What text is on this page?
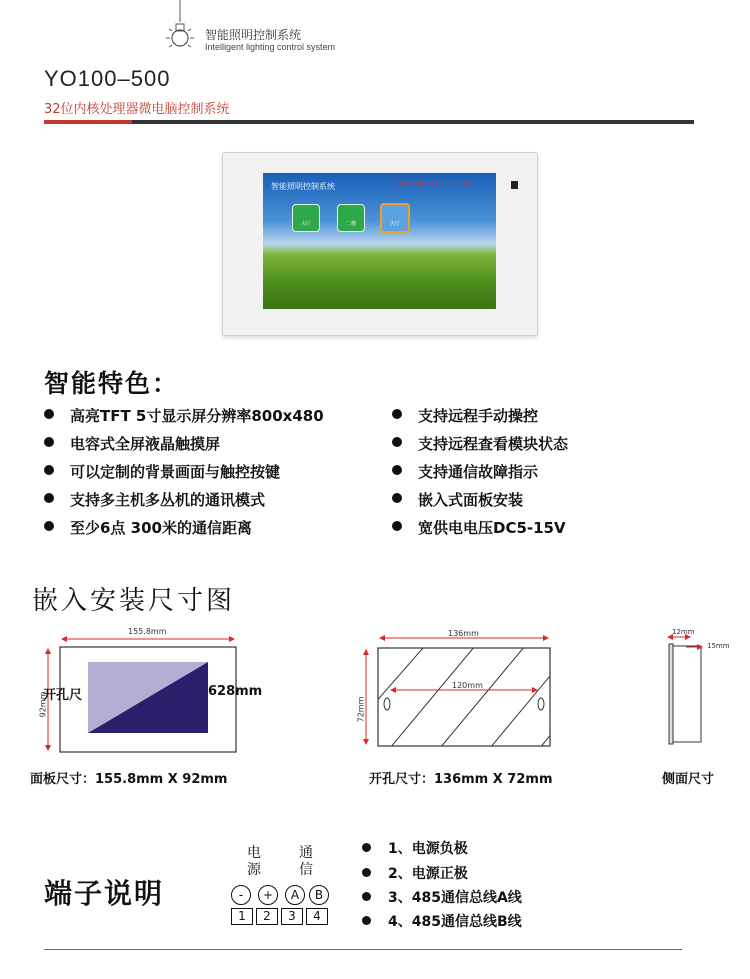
智能照明控制系统
Intelligent lighting control system
YO100–500
32位内核处理器微电脑控制系统
智能照明控制系统	2017-06-23 13:13:12
大厅	二楼	大厅
智能特色：
高亮TFT 5寸显示屏分辨率800x480
电容式全屏液晶触摸屏
可以定制的背景画面与触控按键
支持多主机多丛机的通讯模式
至少6点 300米的通信距离
支持远程手动操控
支持远程查看模块状态
支持通信故障指示
嵌入式面板安装
宽供电电压DC5-15V
嵌入安装尺寸图
155.8mm
92mm
开孔尺	628mm
136mm
120mm
72mm
12mm
15mm
面板尺寸：155.8mm X 92mm	开孔尺寸：136mm X 72mm	侧面尺寸
端子说明
电源
通信
-	+	A	B
1	2	3	4
1、电源负极
2、电源正极
3、485通信总线A线
4、485通信总线B线
